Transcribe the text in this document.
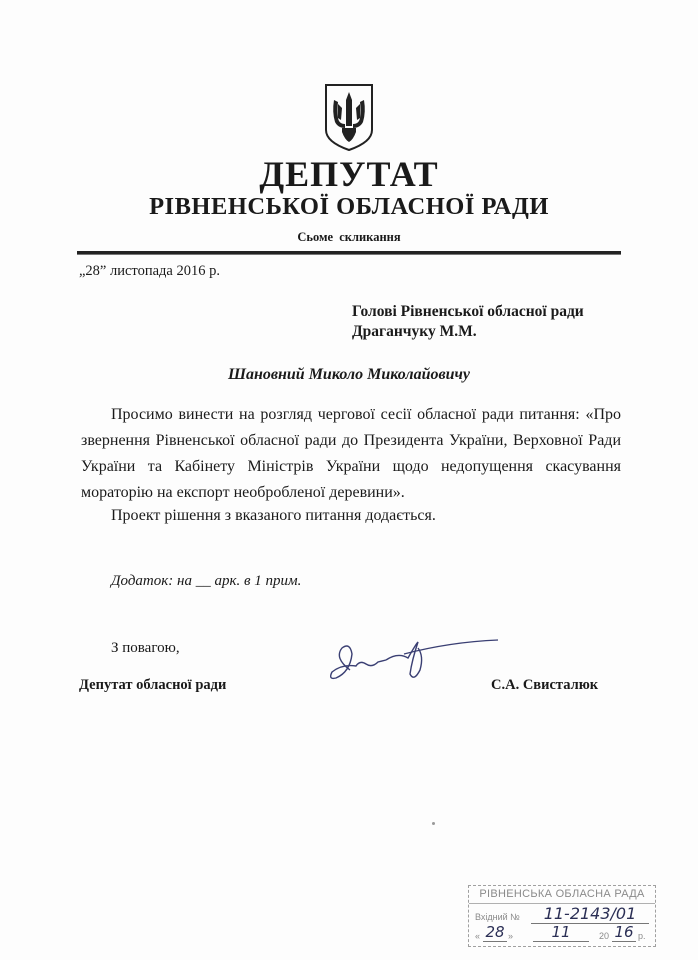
ДЕПУТАТ
РІВНЕНСЬКОЇ ОБЛАСНОЇ РАДИ
Сьоме скликання
„28” листопада 2016 р.
Голові Рівненської обласної ради
Драганчуку М.М.
Шановний Миколо Миколайовичу

Просимо винести на розгляд чергової сесії обласної ради питання: «Про звернення Рівненської обласної ради до Президента України, Верховної Ради України та Кабінету Міністрів України щодо недопущення скасування мораторію на експорт необробленої деревини».

Проект рішення з вказаного питання додається.
Додаток: на __ арк. в 1 прим.
З повагою,
Депутат обласної ради	С.А. Свисталюк
РІВНЕНСЬКА ОБЛАСНА РАДА
Вхідний №	11-2143/01
« 28 »	11	20 16 р.
